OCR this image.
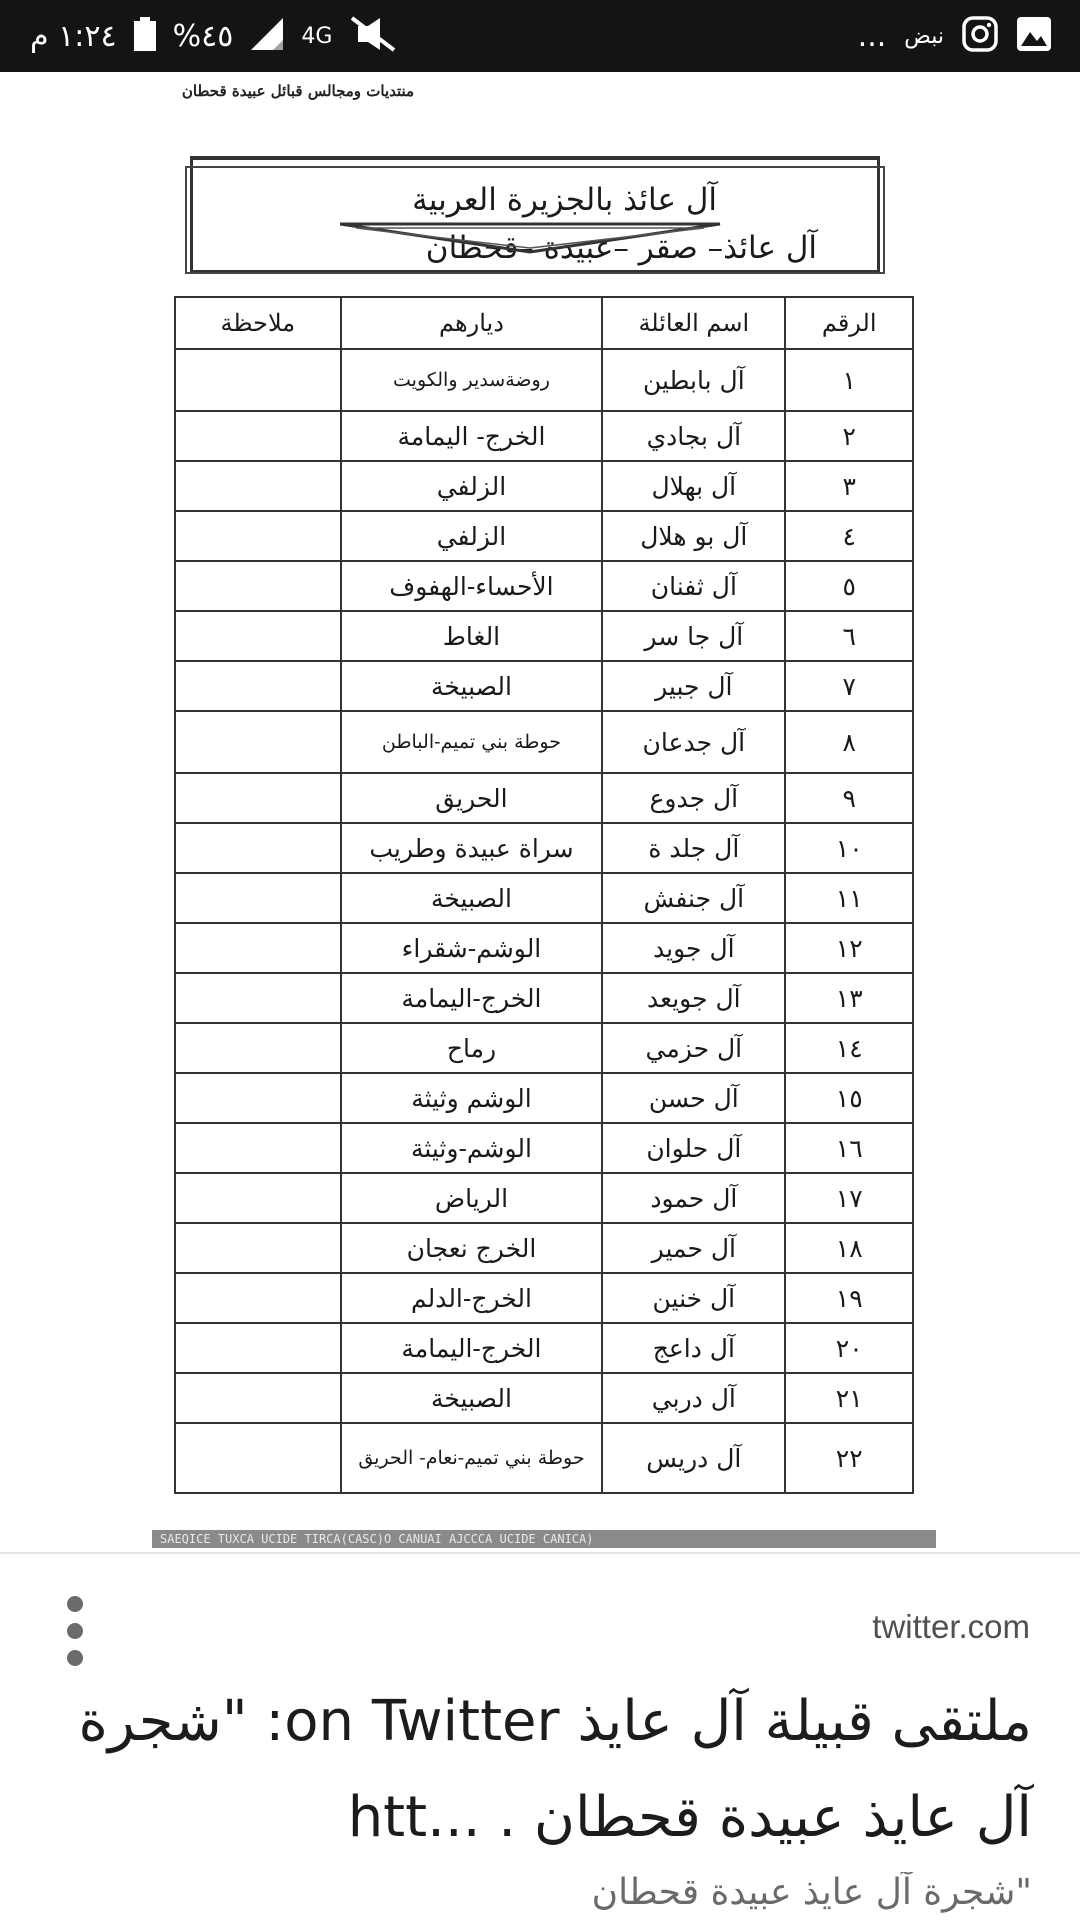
١:٢٤ م %٤٥	4G	... نبض
منتديات ومجالس قبائل عبيدة قحطان
آل عائذ بالجزيرة العربية
آل عائذ– صقر –عبيدة –قحطان
الرقم	اسم العائلة	ديارهم	ملاحظة
١	آل بابطين	روضةسدير والكويت	
٢	آل بجادي	الخرج- اليمامة	
٣	آل بهلال	الزلفي	
٤	آل بو هلال	الزلفي	
٥	آل ثفنان	الأحساء-الهفوف	
٦	آل جا سر	الغاط	
٧	آل جبير	الصبيخة	
٨	آل جدعان	حوطة بني تميم-الباطن	
٩	آل جدوع	الحريق	
١٠	آل جلد ة	سراة عبيدة وطريب	
١١	آل جنفش	الصبيخة	
١٢	آل جويد	الوشم-شقراء	
١٣	آل جويعد	الخرج-اليمامة	
١٤	آل حزمي	رماح	
١٥	آل حسن	الوشم وثيثة	
١٦	آل حلوان	الوشم-وثيثة	
١٧	آل حمود	الرياض	
١٨	آل حمير	الخرج نعجان	
١٩	آل خنين	الخرج-الدلم	
٢٠	آل داعج	الخرج-اليمامة	
٢١	آل دربي	الصبيخة	
٢٢	آل دريس	حوطة بني تميم-نعام- الحريق	
SAEQICE TUXCA UCIDE TIRCA(CASC)O CANUAI AJCCCA UCIDE CANICA)
twitter.com
ملتقى قبيلة آل عايذ on Twitter: "شجرة آل عايذ عبيدة قحطان . ...htt
"شجرة آل عايذ عبيدة قحطان
